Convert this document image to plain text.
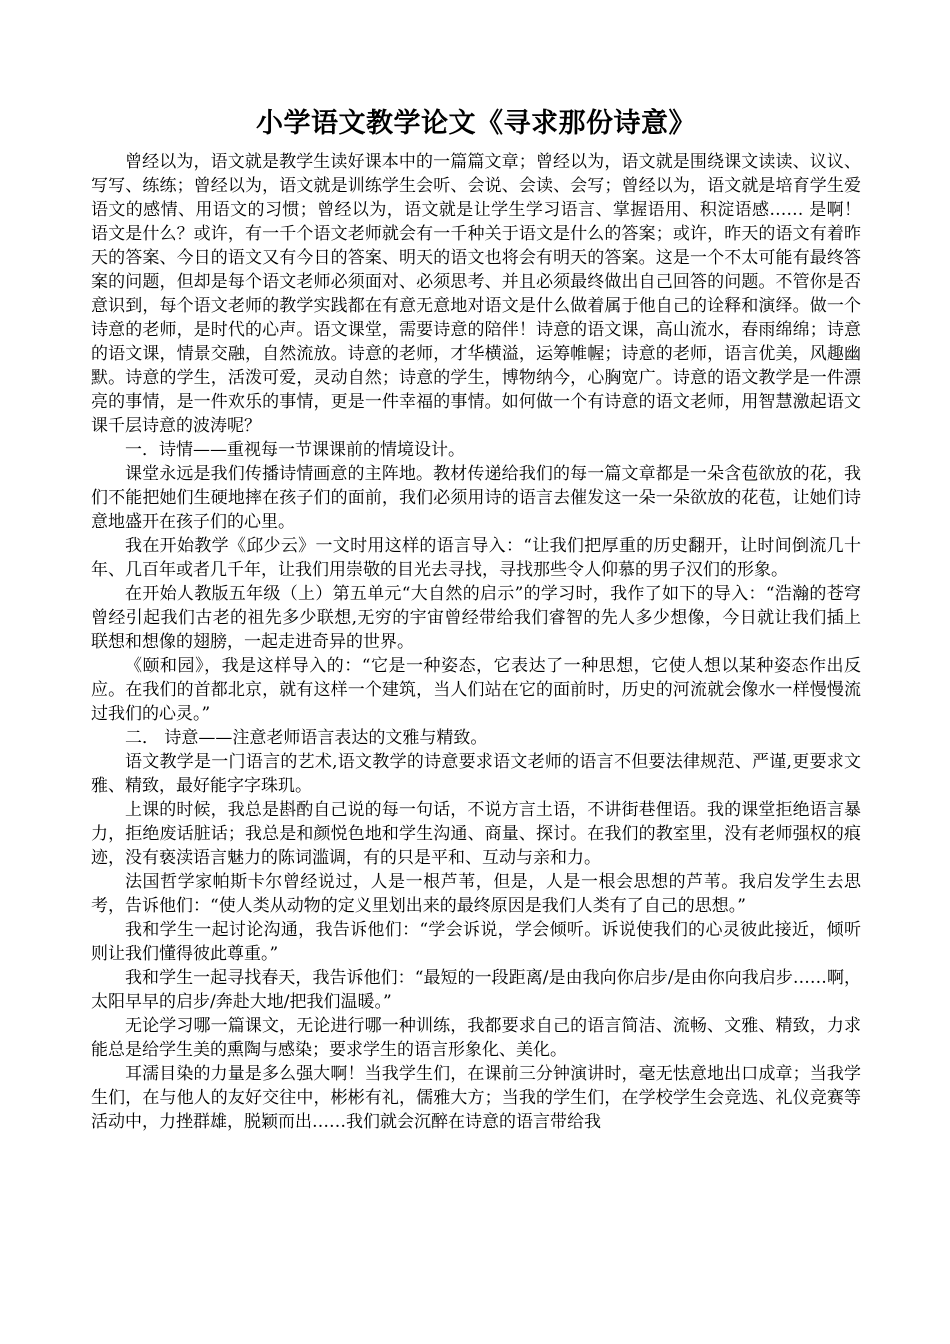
小学语文教学论文《寻求那份诗意》

曾经以为，语文就是教学生读好课本中的一篇篇文章；曾经以为，语文就是围绕课文读读、议议、写写、练练；曾经以为，语文就是训练学生会听、会说、会读、会写；曾经以为，语文就是培育学生爱语文的感情、用语文的习惯；曾经以为，语文就是让学生学习语言、掌握语用、积淀语感…… 是啊！语文是什么？或许，有一千个语文老师就会有一千种关于语文是什么的答案；或许，昨天的语文有着昨天的答案、今日的语文又有今日的答案、明天的语文也将会有明天的答案。这是一个不太可能有最终答案的问题，但却是每个语文老师必须面对、必须思考、并且必须最终做出自己回答的问题。不管你是否意识到，每个语文老师的教学实践都在有意无意地对语文是什么做着属于他自己的诠释和演绎。做一个诗意的老师，是时代的心声。语文课堂，需要诗意的陪伴！诗意的语文课，高山流水，春雨绵绵；诗意的语文课，情景交融，自然流放。诗意的老师，才华横溢，运筹帷幄；诗意的老师，语言优美，风趣幽默。诗意的学生，活泼可爱，灵动自然；诗意的学生，博物纳今，心胸宽广。诗意的语文教学是一件漂亮的事情，是一件欢乐的事情，更是一件幸福的事情。如何做一个有诗意的语文老师，用智慧激起语文课千层诗意的波涛呢？

一．诗情——重视每一节课课前的情境设计。

课堂永远是我们传播诗情画意的主阵地。教材传递给我们的每一篇文章都是一朵含苞欲放的花，我们不能把她们生硬地摔在孩子们的面前，我们必须用诗的语言去催发这一朵一朵欲放的花苞，让她们诗意地盛开在孩子们的心里。

我在开始教学《邱少云》一文时用这样的语言导入：“让我们把厚重的历史翻开，让时间倒流几十年、几百年或者几千年，让我们用崇敬的目光去寻找，寻找那些令人仰慕的男子汉们的形象。

在开始人教版五年级（上）第五单元“大自然的启示”的学习时，我作了如下的导入：“浩瀚的苍穹曾经引起我们古老的祖先多少联想,无穷的宇宙曾经带给我们睿智的先人多少想像，今日就让我们插上联想和想像的翅膀，一起走进奇异的世界。

《颐和园》，我是这样导入的：“它是一种姿态，它表达了一种思想，它使人想以某种姿态作出反应。在我们的首都北京，就有这样一个建筑，当人们站在它的面前时，历史的河流就会像水一样慢慢流过我们的心灵。”

二． 诗意——注意老师语言表达的文雅与精致。

语文教学是一门语言的艺术,语文教学的诗意要求语文老师的语言不但要法律规范、严谨,更要求文雅、精致，最好能字字珠玑。

上课的时候，我总是斟酌自己说的每一句话，不说方言土语，不讲街巷俚语。我的课堂拒绝语言暴力，拒绝废话脏话；我总是和颜悦色地和学生沟通、商量、探讨。在我们的教室里，没有老师强权的痕迹，没有亵渎语言魅力的陈词滥调，有的只是平和、互动与亲和力。

法国哲学家帕斯卡尔曾经说过，人是一根芦苇，但是，人是一根会思想的芦苇。我启发学生去思考，告诉他们：“使人类从动物的定义里划出来的最终原因是我们人类有了自己的思想。”

我和学生一起讨论沟通，我告诉他们：“学会诉说，学会倾听。诉说使我们的心灵彼此接近，倾听则让我们懂得彼此尊重。”

我和学生一起寻找春天，我告诉他们：“最短的一段距离/是由我向你启步/是由你向我启步……啊，太阳早早的启步/奔赴大地/把我们温暖。”

无论学习哪一篇课文，无论进行哪一种训练，我都要求自己的语言简洁、流畅、文雅、精致，力求能总是给学生美的熏陶与感染；要求学生的语言形象化、美化。

耳濡目染的力量是多么强大啊！当我学生们，在课前三分钟演讲时，毫无怯意地出口成章；当我学生们，在与他人的友好交往中，彬彬有礼，儒雅大方；当我的学生们，在学校学生会竞选、礼仪竞赛等活动中，力挫群雄，脱颖而出……我们就会沉醉在诗意的语言带给我
